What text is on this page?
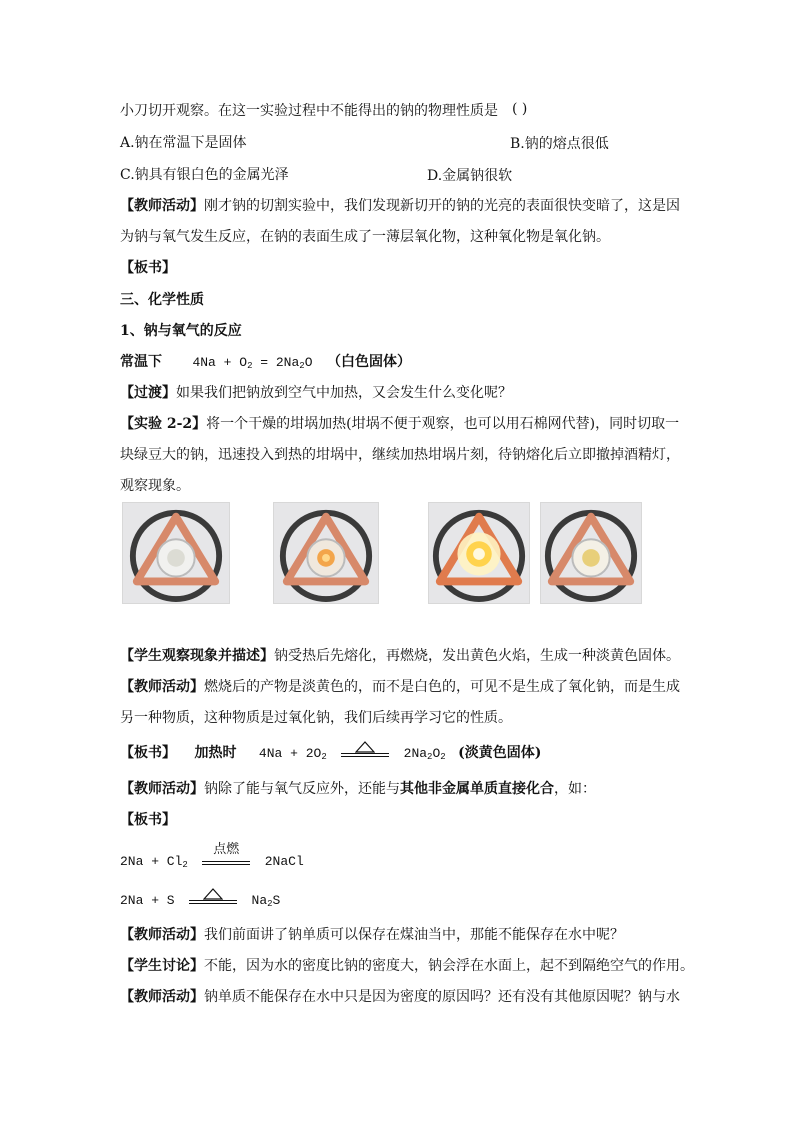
小刀切开观察。在这一实验过程中不能得出的钠的物理性质是 ( )
A.钠在常温下是固体	B.钠的熔点很低
C.钠具有银白色的金属光泽	D.金属钠很软
【教师活动】刚才钠的切割实验中，我们发现新切开的钠的光亮的表面很快变暗了，这是因
为钠与氧气发生反应，在钠的表面生成了一薄层氧化物，这种氧化物是氧化钠。
【板书】
三、化学性质
1、钠与氧气的反应
常温下 $4Na + O_2 = 2Na_2O$ （白色固体）
【过渡】如果我们把钠放到空气中加热，又会发生什么变化呢？
【实验 2-2】将一个干燥的坩埚加热(坩埚不便于观察，也可以用石棉网代替)，同时切取一
块绿豆大的钠，迅速投入到热的坩埚中，继续加热坩埚片刻，待钠熔化后立即撤掉酒精灯，
观察现象。
【学生观察现象并描述】钠受热后先熔化，再燃烧，发出黄色火焰，生成一种淡黄色固体。
【教师活动】燃烧后的产物是淡黄色的，而不是白色的，可见不是生成了氧化钠，而是生成
另一种物质，这种物质是过氧化钠，我们后续再学习它的性质。
【板书】 加热时 $4Na + 2O_2$	$2Na_2O_2$ (淡黄色固体)
【教师活动】钠除了能与氧气反应外，还能与其他非金属单质直接化合，如：
【板书】
$2Na + Cl_2$
点燃
2NaCl
2Na + S	$Na_2S$
【教师活动】我们前面讲了钠单质可以保存在煤油当中，那能不能保存在水中呢？
【学生讨论】不能，因为水的密度比钠的密度大，钠会浮在水面上，起不到隔绝空气的作用。
【教师活动】钠单质不能保存在水中只是因为密度的原因吗？还有没有其他原因呢？钠与水
